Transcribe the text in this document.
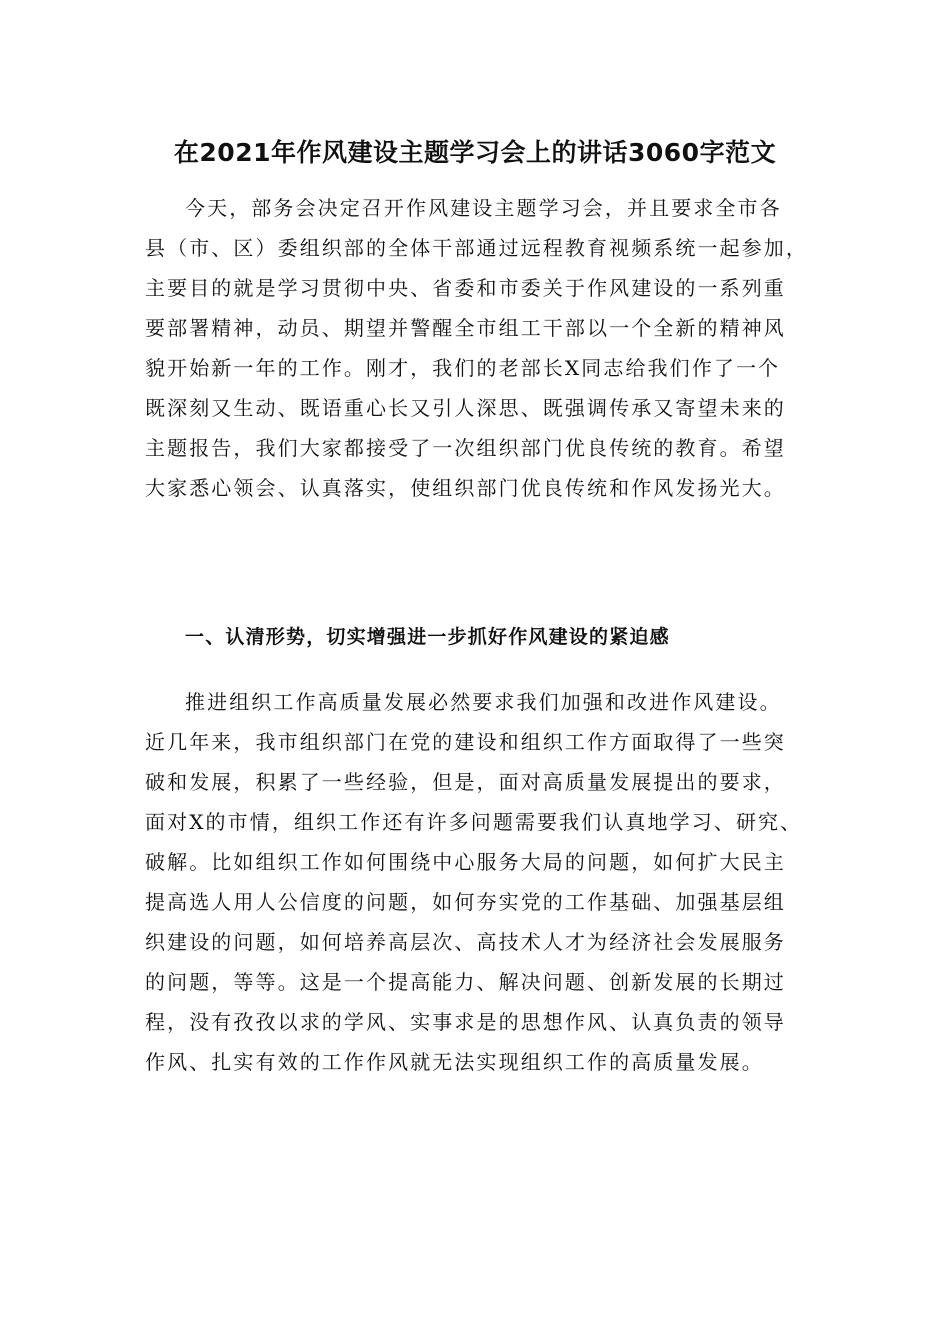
在2021年作风建设主题学习会上的讲话3060字范文
今天，部务会决定召开作风建设主题学习会，并且要求全市各
县（市、区）委组织部的全体干部通过远程教育视频系统一起参加，
主要目的就是学习贯彻中央、省委和市委关于作风建设的一系列重
要部署精神，动员、期望并警醒全市组工干部以一个全新的精神风
貌开始新一年的工作。刚才，我们的老部长X同志给我们作了一个
既深刻又生动、既语重心长又引人深思、既强调传承又寄望未来的
主题报告，我们大家都接受了一次组织部门优良传统的教育。希望
大家悉心领会、认真落实，使组织部门优良传统和作风发扬光大。
一、认清形势，切实增强进一步抓好作风建设的紧迫感
推进组织工作高质量发展必然要求我们加强和改进作风建设。
近几年来，我市组织部门在党的建设和组织工作方面取得了一些突
破和发展，积累了一些经验，但是，面对高质量发展提出的要求，
面对X的市情，组织工作还有许多问题需要我们认真地学习、研究、
破解。比如组织工作如何围绕中心服务大局的问题，如何扩大民主
提高选人用人公信度的问题，如何夯实党的工作基础、加强基层组
织建设的问题，如何培养高层次、高技术人才为经济社会发展服务
的问题，等等。这是一个提高能力、解决问题、创新发展的长期过
程，没有孜孜以求的学风、实事求是的思想作风、认真负责的领导
作风、扎实有效的工作作风就无法实现组织工作的高质量发展。
